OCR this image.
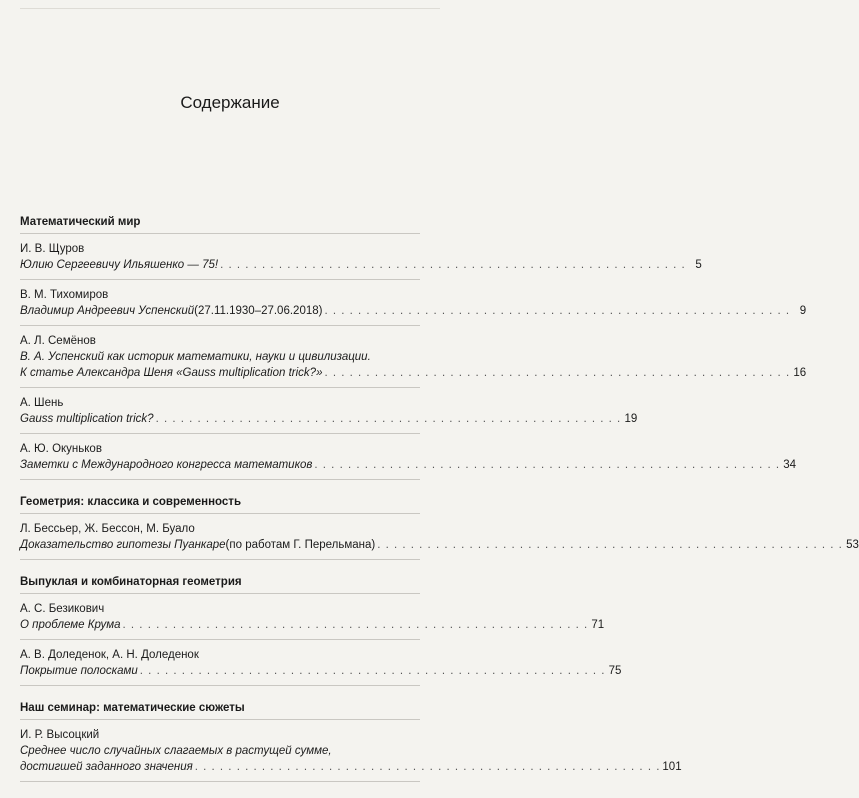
Содержание
Математический мир
И. В. Щуров
Юлию Сергеевичу Ильяшенко — 75! . . . . . . . . . . . . . . . . . . . . . . . . . . . . . . . . . . . . . . . . . . . . . . . . . . . . . . . . 5
В. М. Тихомиров
Владимир Андреевич Успенский (27.11.1930–27.06.2018) . . . . . . . . . . . . . . . . . . . . . . . . . . . . . . . . . . . . . . . . . . . . . . . . . . . . . . . . 9
А. Л. Семёнов
В. А. Успенский как историк математики, науки и цивилизации.
К статье Александра Шеня «Gauss multiplication trick?» . . . . . . . . . . . . . . . . . . . . . . . . . . . . . . . . . . . . . . . . . . . . . . . . . . . . . . . . 16
А. Шень
Gauss multiplication trick? . . . . . . . . . . . . . . . . . . . . . . . . . . . . . . . . . . . . . . . . . . . . . . . . . . . . . . . . 19
А. Ю. Окуньков
Заметки с Международного конгресса математиков . . . . . . . . . . . . . . . . . . . . . . . . . . . . . . . . . . . . . . . . . . . . . . . . . . . . . . . . 34
Геометрия: классика и современность
Л. Бессьер, Ж. Бессон, М. Буало
Доказательство гипотезы Пуанкаре (по работам Г. Перельмана) . . . . . . . . . . . . . . . . . . . . . . . . . . . . . . . . . . . . . . . . . . . . . . . . . . . . . . . . 53
Выпуклая и комбинаторная геометрия
А. С. Безикович
О проблеме Крума . . . . . . . . . . . . . . . . . . . . . . . . . . . . . . . . . . . . . . . . . . . . . . . . . . . . . . . . 71
А. В. Доледенок, А. Н. Доледенок
Покрытие полосками . . . . . . . . . . . . . . . . . . . . . . . . . . . . . . . . . . . . . . . . . . . . . . . . . . . . . . . . 75
Наш семинар: математические сюжеты
И. Р. Высоцкий
Среднее число случайных слагаемых в растущей сумме,
достигшей заданного значения . . . . . . . . . . . . . . . . . . . . . . . . . . . . . . . . . . . . . . . . . . . . . . . . . . . . . . . . 101
